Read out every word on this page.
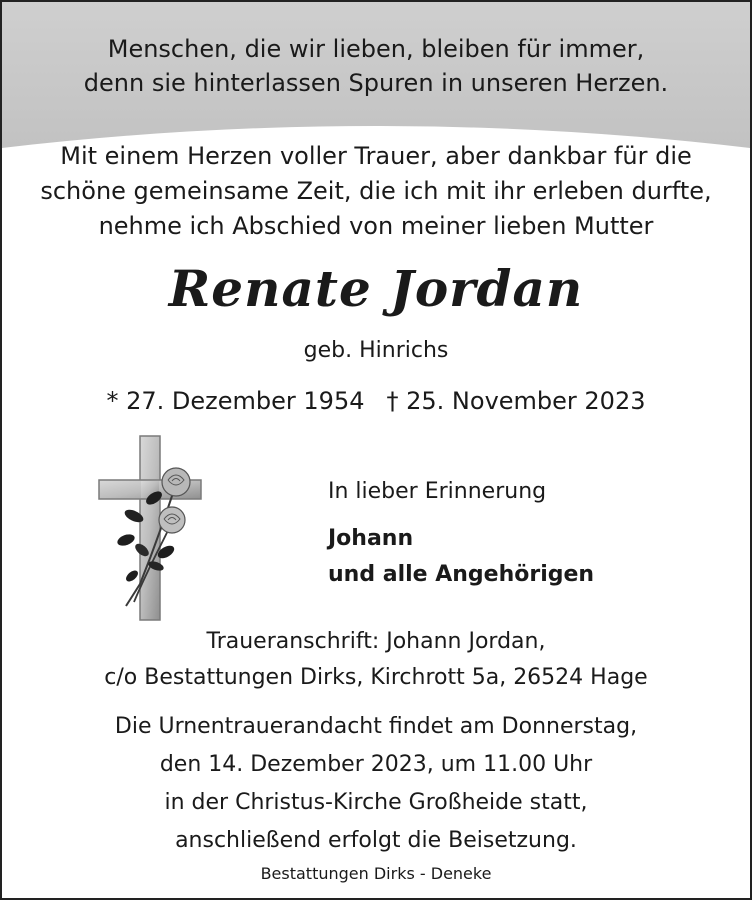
Menschen, die wir lieben, bleiben für immer,
denn sie hinterlassen Spuren in unseren Herzen.
Mit einem Herzen voller Trauer, aber dankbar für die
schöne gemeinsame Zeit, die ich mit ihr erleben durfte,
nehme ich Abschied von meiner lieben Mutter
Renate Jordan
geb. Hinrichs
* 27. Dezember 1954 † 25. November 2023
In lieber Erinnerung
Johann
und alle Angehörigen
Traueranschrift: Johann Jordan,
c/o Bestattungen Dirks, Kirchrott 5a, 26524 Hage
Die Urnentrauerandacht findet am Donnerstag,
den 14. Dezember 2023, um 11.00 Uhr
in der Christus-Kirche Großheide statt,
anschließend erfolgt die Beisetzung.
Bestattungen Dirks - Deneke
